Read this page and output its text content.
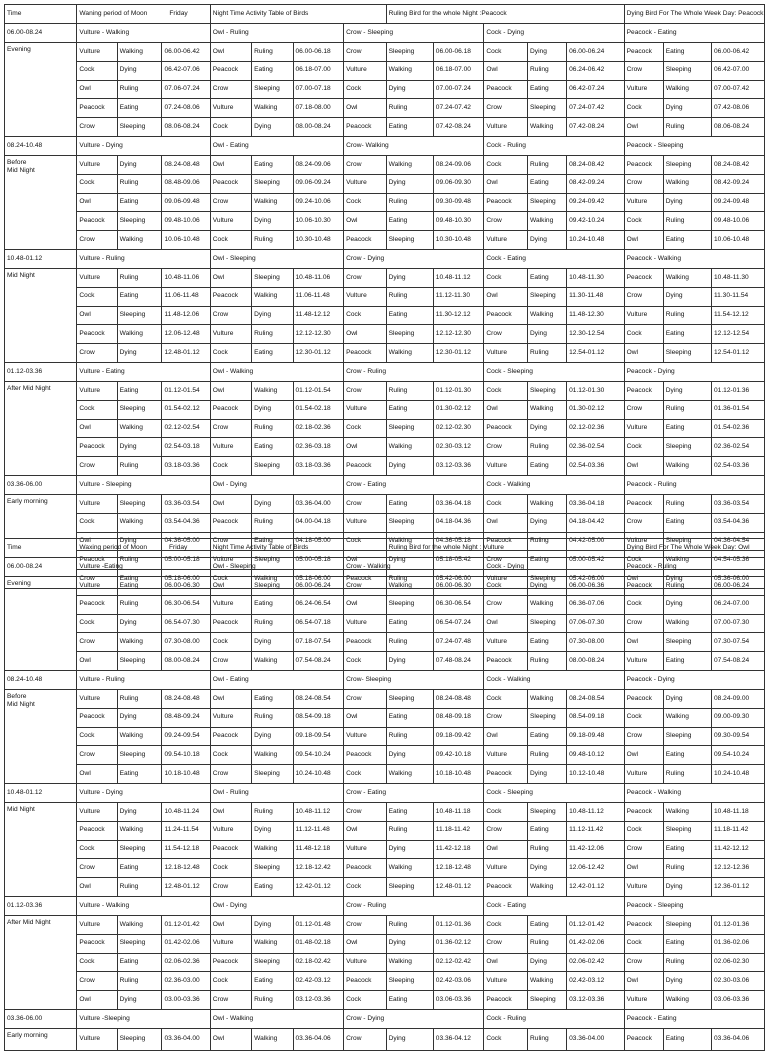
Time	Waning period of Moon Friday			Night Time Activity Table of Birds				Ruling Bird for the whole Night :Peacock					Dying Bird For The Whole Week Day: Peacock		
06.00-08.24	Vulture - Walking			Owl - Ruling			Crow - Sleeping			Cock - Dying			Peacock - Eating		

Evening	Vulture	Walking	06.00-06.42	Owl	Ruling	06.00-06.18	Crow	Sleeping	06.00-06.18	Cock	Dying	06.00-06.24	Peacock	Eating	06.00-06.42
	Cock	Dying	06.42-07.06	Peacock	Eating	06.18-07.00	Vulture	Walking	06.18-07.00	Owl	Ruling	06.24-06.42	Crow	Sleeping	06.42-07.00
	Owl	Ruling	07.06-07.24	Crow	Sleeping	07.00-07.18	Cock	Dying	07.00-07.24	Peacock	Eating	06.42-07.24	Vulture	Walking	07.00-07.42
	Peacock	Eating	07.24-08.06	Vulture	Walking	07.18-08.00	Owl	Ruling	07.24-07.42	Crow	Sleeping	07.24-07.42	Cock	Dying	07.42-08.06
	Crow	Sleeping	08.06-08.24	Cock	Dying	08.00-08.24	Peacock	Eating	07.42-08.24	Vulture	Walking	07.42-08.24	Owl	Ruling	08.06-08.24
08.24-10.48	Vulture - Dying			Owl - Eating			Crow- Walking			Cock - Ruling			Peacock - Sleeping		

Before
Mid Night	Vulture	Dying	08.24-08.48	Owl	Eating	08.24-09.06	Crow	Walking	08.24-09.06	Cock	Ruling	08.24-08.42	Peacock	Sleeping	08.24-08.42
	Cock	Ruling	08.48-09.06	Peacock	Sleeping	09.06-09.24	Vulture	Dying	09.06-09.30	Owl	Eating	08.42-09.24	Crow	Walking	08.42-09.24
	Owl	Eating	09.06-09.48	Crow	Walking	09.24-10.06	Cock	Ruling	09.30-09.48	Peacock	Sleeping	09.24-09.42	Vulture	Dying	09.24-09.48
	Peacock	Sleeping	09.48-10.06	Vulture	Dying	10.06-10.30	Owl	Eating	09.48-10.30	Crow	Walking	09.42-10.24	Cock	Ruling	09.48-10.06
	Crow	Walking	10.06-10.48	Cock	Ruling	10.30-10.48	Peacock	Sleeping	10.30-10.48	Vulture	Dying	10.24-10.48	Owl	Eating	10.06-10.48
10.48-01.12	Vulture - Ruling			Owl - Sleeping			Crow - Dying			Cock - Eating			Peacock - Walking		

Mid Night	Vulture	Ruling	10.48-11.06	Owl	Sleeping	10.48-11.06	Crow	Dying	10.48-11.12	Cock	Eating	10.48-11.30	Peacock	Walking	10.48-11.30
	Cock	Eating	11.06-11.48	Peacock	Walking	11.06-11.48	Vulture	Ruling	11.12-11.30	Owl	Sleeping	11.30-11.48	Crow	Dying	11.30-11.54
	Owl	Sleeping	11.48-12.06	Crow	Dying	11.48-12.12	Cock	Eating	11.30-12.12	Peacock	Walking	11.48-12.30	Vulture	Ruling	11.54-12.12
	Peacock	Walking	12.06-12.48	Vulture	Ruling	12.12-12.30	Owl	Sleeping	12.12-12.30	Crow	Dying	12.30-12.54	Cock	Eating	12.12-12.54
	Crow	Dying	12.48-01.12	Cock	Eating	12.30-01.12	Peacock	Walking	12.30-01.12	Vulture	Ruling	12.54-01.12	Owl	Sleeping	12.54-01.12
01.12-03.36	Vulture - Eating			Owl - Walking			Crow - Ruling			Cock - Sleeping			Peacock - Dying		

After Mid Night	Vulture	Eating	01.12-01.54	Owl	Walking	01.12-01.54	Crow	Ruling	01.12-01.30	Cock	Sleeping	01.12-01.30	Peacock	Dying	01.12-01.36
	Cock	Sleeping	01.54-02.12	Peacock	Dying	01.54-02.18	Vulture	Eating	01.30-02.12	Owl	Walking	01.30-02.12	Crow	Ruling	01.36-01.54
	Owl	Walking	02.12-02.54	Crow	Ruling	02.18-02.36	Cock	Sleeping	02.12-02.30	Peacock	Dying	02.12-02.36	Vulture	Eating	01.54-02.36
	Peacock	Dying	02.54-03.18	Vulture	Eating	02.36-03.18	Owl	Walking	02.30-03.12	Crow	Ruling	02.36-02.54	Cock	Sleeping	02.36-02.54
	Crow	Ruling	03.18-03.36	Cock	Sleeping	03.18-03.36	Peacock	Dying	03.12-03.36	Vulture	Eating	02.54-03.36	Owl	Walking	02.54-03.36
03.36-06.00	Vulture - Sleeping			Owl - Dying			Crow - Eating			Cock - Walking			Peacock - Ruling		

Early morning	Vulture	Sleeping	03.36-03.54	Owl	Dying	03.36-04.00	Crow	Eating	03.36-04.18	Cock	Walking	03.36-04.18	Peacock	Ruling	03.36-03.54
	Cock	Walking	03.54-04.36	Peacock	Ruling	04.00-04.18	Vulture	Sleeping	04.18-04.36	Owl	Dying	04.18-04.42	Crow	Eating	03.54-04.36
	Owl	Dying	04.36-05.00	Crow	Eating	04.18-05.00	Cock	Walking	04.36-05.18	Peacock	Ruling	04.42-05.00	Vulture	Sleeping	04.36-04.54
	Peacock	Ruling	05.00-05.18	Vulture	Sleeping	05.00-05.18	Owl	Dying	05.18-05.42	Crow	Eating	05.00-05.42	Cock	Walking	04.54-05.36
	Crow	Eating	05.18-06.00	Cock	Walking	05.18-06.00	Peacock	Ruling	05.42-06.00	Vulture	Sleeping	05.42-06.00	Owl	Dying	05.36-06.00
Time	Waxing period of Moon Friday			Night Time Activity Table of Birds				Ruling Bird for the whole Night : Vulture					Dying Bird For The Whole Week Day: Owl		
06.00-08.24	Vulture -Eating			Owl - Sleeping			Crow - Walking			Cock - Dying			Peacock - Ruling		

Evening	Vulture	Eating	06.00-06.30	Owl	Sleeping	06.00-06.24	Crow	Walking	06.00-06.30	Cock	Dying	06.00-06.36	Peacock	Ruling	06.00-06.24
	Peacock	Ruling	06.30-06.54	Vulture	Eating	06.24-06.54	Owl	Sleeping	06.30-06.54	Crow	Walking	06.36-07.06	Cock	Dying	06.24-07.00
	Cock	Dying	06.54-07.30	Peacock	Ruling	06.54-07.18	Vulture	Eating	06.54-07.24	Owl	Sleeping	07.06-07.30	Crow	Walking	07.00-07.30
	Crow	Walking	07.30-08.00	Cock	Dying	07.18-07.54	Peacock	Ruling	07.24-07.48	Vulture	Eating	07.30-08.00	Owl	Sleeping	07.30-07.54
	Owl	Sleeping	08.00-08.24	Crow	Walking	07.54-08.24	Cock	Dying	07.48-08.24	Peacock	Ruling	08.00-08.24	Vulture	Eating	07.54-08.24
08.24-10.48	Vulture - Ruling			Owl - Eating			Crow- Sleeping			Cock - Walking			Peacock - Dying		

Before
Mid Night	Vulture	Ruling	08.24-08.48	Owl	Eating	08.24-08.54	Crow	Sleeping	08.24-08.48	Cock	Walking	08.24-08.54	Peacock	Dying	08.24-09.00
	Peacock	Dying	08.48-09.24	Vulture	Ruling	08.54-09.18	Owl	Eating	08.48-09.18	Crow	Sleeping	08.54-09.18	Cock	Walking	09.00-09.30
	Cock	Walking	09.24-09.54	Peacock	Dying	09.18-09.54	Vulture	Ruling	09.18-09.42	Owl	Eating	09.18-09.48	Crow	Sleeping	09.30-09.54
	Crow	Sleeping	09.54-10.18	Cock	Walking	09.54-10.24	Peacock	Dying	09.42-10.18	Vulture	Ruling	09.48-10.12	Owl	Eating	09.54-10.24
	Owl	Eating	10.18-10.48	Crow	Sleeping	10.24-10.48	Cock	Walking	10.18-10.48	Peacock	Dying	10.12-10.48	Vulture	Ruling	10.24-10.48
10.48-01.12	Vulture - Dying			Owl - Ruling			Crow - Eating			Cock - Sleeping			Peacock - Walking		

Mid Night	Vulture	Dying	10.48-11.24	Owl	Ruling	10.48-11.12	Crow	Eating	10.48-11.18	Cock	Sleeping	10.48-11.12	Peacock	Walking	10.48-11.18
	Peacock	Walking	11.24-11.54	Vulture	Dying	11.12-11.48	Owl	Ruling	11.18-11.42	Crow	Eating	11.12-11.42	Cock	Sleeping	11.18-11.42
	Cock	Sleeping	11.54-12.18	Peacock	Walking	11.48-12.18	Vulture	Dying	11.42-12.18	Owl	Ruling	11.42-12.06	Crow	Eating	11.42-12.12
	Crow	Eating	12.18-12.48	Cock	Sleeping	12.18-12.42	Peacock	Walking	12.18-12.48	Vulture	Dying	12.06-12.42	Owl	Ruling	12.12-12.36
	Owl	Ruling	12.48-01.12	Crow	Eating	12.42-01.12	Cock	Sleeping	12.48-01.12	Peacock	Walking	12.42-01.12	Vulture	Dying	12.36-01.12
01.12-03.36	Vulture - Walking			Owl - Dying			Crow - Ruling			Cock - Eating			Peacock - Sleeping		

After Mid Night	Vulture	Walking	01.12-01.42	Owl	Dying	01.12-01.48	Crow	Ruling	01.12-01.36	Cock	Eating	01.12-01.42	Peacock	Sleeping	01.12-01.36
	Peacock	Sleeping	01.42-02.06	Vulture	Walking	01.48-02.18	Owl	Dying	01.36-02.12	Crow	Ruling	01.42-02.06	Cock	Eating	01.36-02.06
	Cock	Eating	02.06-02.36	Peacock	Sleeping	02.18-02.42	Vulture	Walking	02.12-02.42	Owl	Dying	02.06-02.42	Crow	Ruling	02.06-02.30
	Crow	Ruling	02.36-03.00	Cock	Eating	02.42-03.12	Peacock	Sleeping	02.42-03.06	Vulture	Walking	02.42-03.12	Owl	Dying	02.30-03.06
	Owl	Dying	03.00-03.36	Crow	Ruling	03.12-03.36	Cock	Eating	03.06-03.36	Peacock	Sleeping	03.12-03.36	Vulture	Walking	03.06-03.36
03.36-06.00	Vulture -Sleeping			Owl - Walking			Crow - Dying			Cock - Ruling			Peacock - Eating		

Early morning	Vulture	Sleeping	03.36-04.00	Owl	Walking	03.36-04.06	Crow	Dying	03.36-04.12	Cock	Ruling	03.36-04.00	Peacock	Eating	03.36-04.06
